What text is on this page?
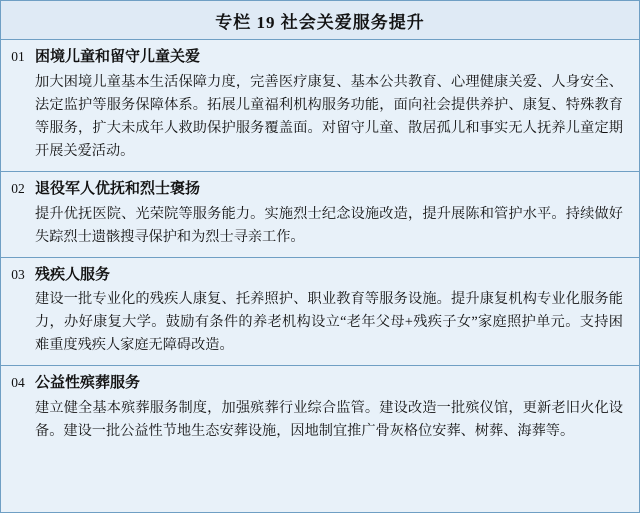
专栏 19 社会关爱服务提升
01 困境儿童和留守儿童关爱
加大困境儿童基本生活保障力度，完善医疗康复、基本公共教育、心理健康关爱、人身安全、法定监护等服务保障体系。拓展儿童福利机构服务功能，面向社会提供养护、康复、特殊教育等服务，扩大未成年人救助保护服务覆盖面。对留守儿童、散居孤儿和事实无人抚养儿童定期开展关爱活动。
02 退役军人优抚和烈士褒扬
提升优抚医院、光荣院等服务能力。实施烈士纪念设施改造，提升展陈和管护水平。持续做好失踪烈士遗骸搜寻保护和为烈士寻亲工作。
03 残疾人服务
建设一批专业化的残疾人康复、托养照护、职业教育等服务设施。提升康复机构专业化服务能力，办好康复大学。鼓励有条件的养老机构设立“老年父母+残疾子女”家庭照护单元。支持困难重度残疾人家庭无障碍改造。
04 公益性殡葬服务
建立健全基本殡葬服务制度，加强殡葬行业综合监管。建设改造一批殡仪馆，更新老旧火化设备。建设一批公益性节地生态安葬设施，因地制宜推广骨灰格位安葬、树葬、海葬等。
